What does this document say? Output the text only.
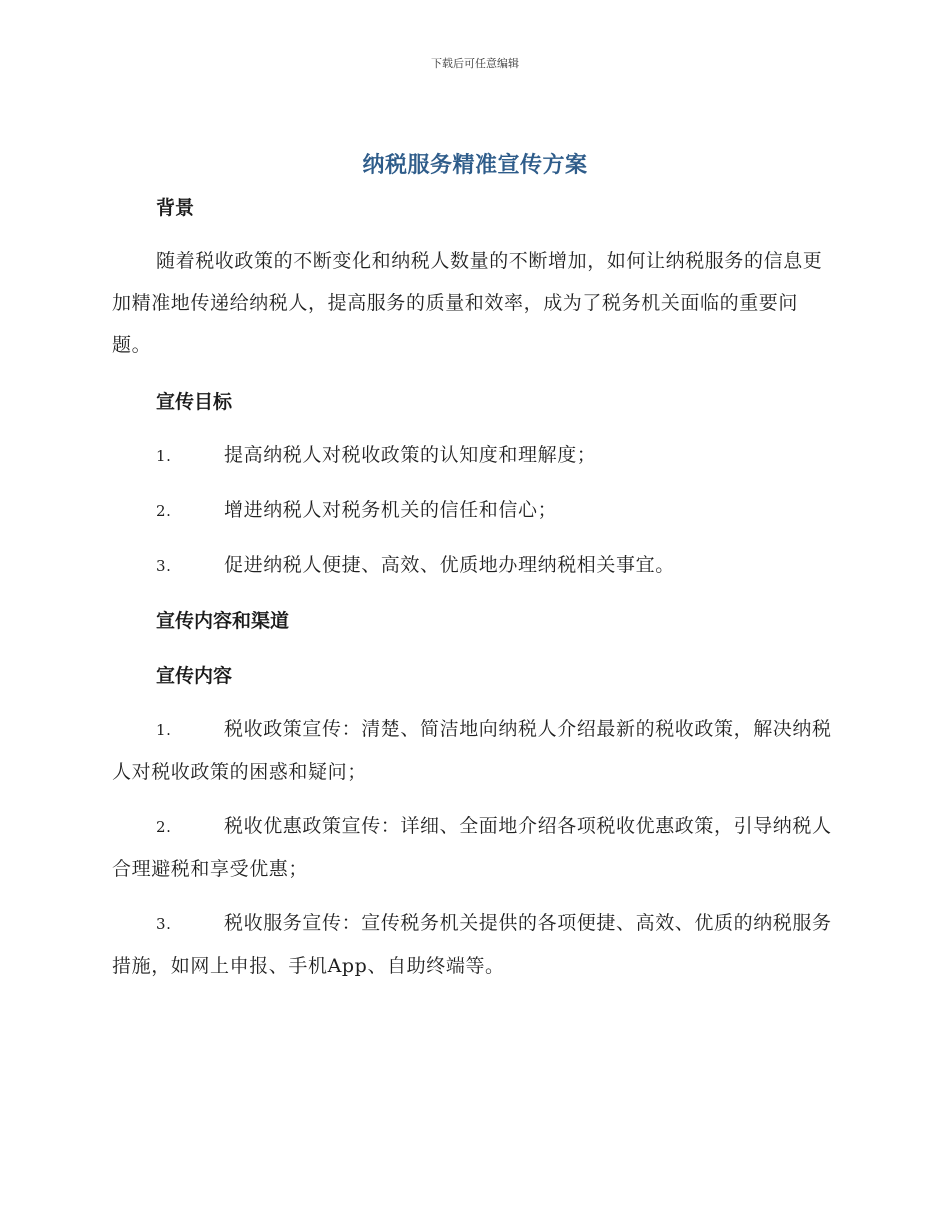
下载后可任意编辑
纳税服务精准宣传方案
背景
随着税收政策的不断变化和纳税人数量的不断增加，如何让纳税服务的信息更加精准地传递给纳税人，提高服务的质量和效率，成为了税务机关面临的重要问题。
宣传目标
1.	提高纳税人对税收政策的认知度和理解度；
2.	增进纳税人对税务机关的信任和信心；
3.	促进纳税人便捷、高效、优质地办理纳税相关事宜。
宣传内容和渠道
宣传内容
1.	税收政策宣传：清楚、简洁地向纳税人介绍最新的税收政策，解决纳税人对税收政策的困惑和疑问；
2.	税收优惠政策宣传：详细、全面地介绍各项税收优惠政策，引导纳税人合理避税和享受优惠；
3.	税收服务宣传：宣传税务机关提供的各项便捷、高效、优质的纳税服务措施，如网上申报、手机App、自助终端等。
